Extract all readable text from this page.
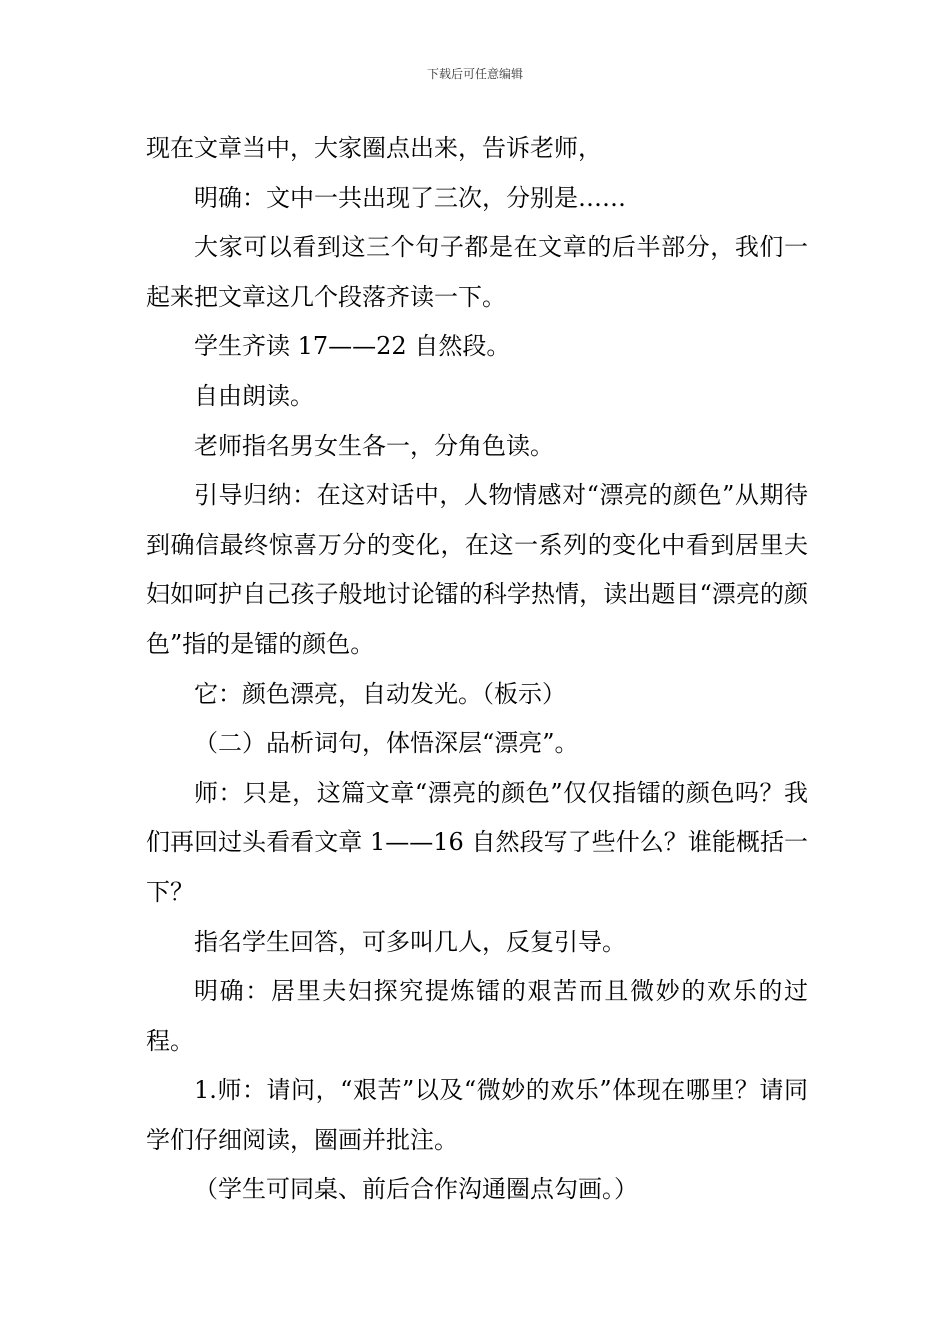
下载后可任意编辑

现在文章当中，大家圈点出来，告诉老师，

明确：文中一共出现了三次，分别是……

大家可以看到这三个句子都是在文章的后半部分，我们一起来把文章这几个段落齐读一下。

学生齐读 17——22 自然段。

自由朗读。

老师指名男女生各一，分角色读。

引导归纳：在这对话中，人物情感对“漂亮的颜色”从期待到确信最终惊喜万分的变化，在这一系列的变化中看到居里夫妇如呵护自己孩子般地讨论镭的科学热情，读出题目“漂亮的颜色”指的是镭的颜色。

它：颜色漂亮，自动发光。（板示）

（二）品析词句，体悟深层“漂亮”。

师：只是，这篇文章“漂亮的颜色”仅仅指镭的颜色吗？我们再回过头看看文章 1——16 自然段写了些什么？谁能概括一下？

指名学生回答，可多叫几人，反复引导。

明确：居里夫妇探究提炼镭的艰苦而且微妙的欢乐的过程。

1.师：请问，“艰苦”以及“微妙的欢乐”体现在哪里？请同学们仔细阅读，圈画并批注。

（学生可同桌、前后合作沟通圈点勾画。）
